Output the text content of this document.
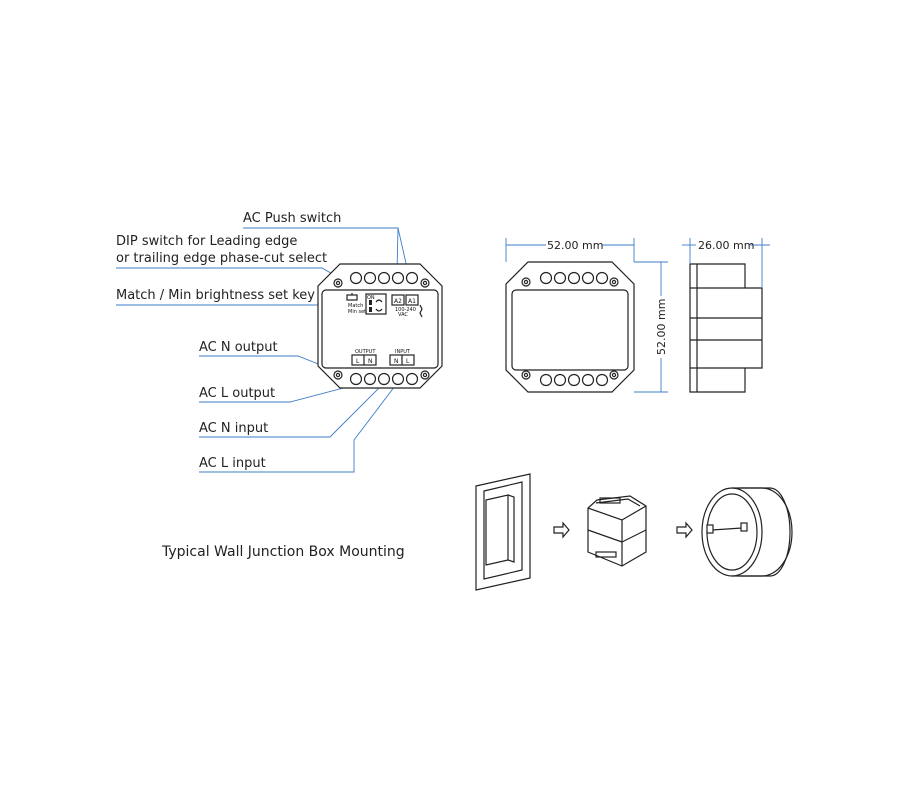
AC Push switch
DIP switch for Leading edge
or trailing edge phase-cut select
Match / Min brightness set key
AC N output
AC L output
AC N input
AC L input
Match
Min set
ON	A2 A1
100-240
VAC
OUTPUT	INPUT
L N	N L
52.00 mm
52.00 mm
26.00 mm
Typical Wall Junction Box Mounting
